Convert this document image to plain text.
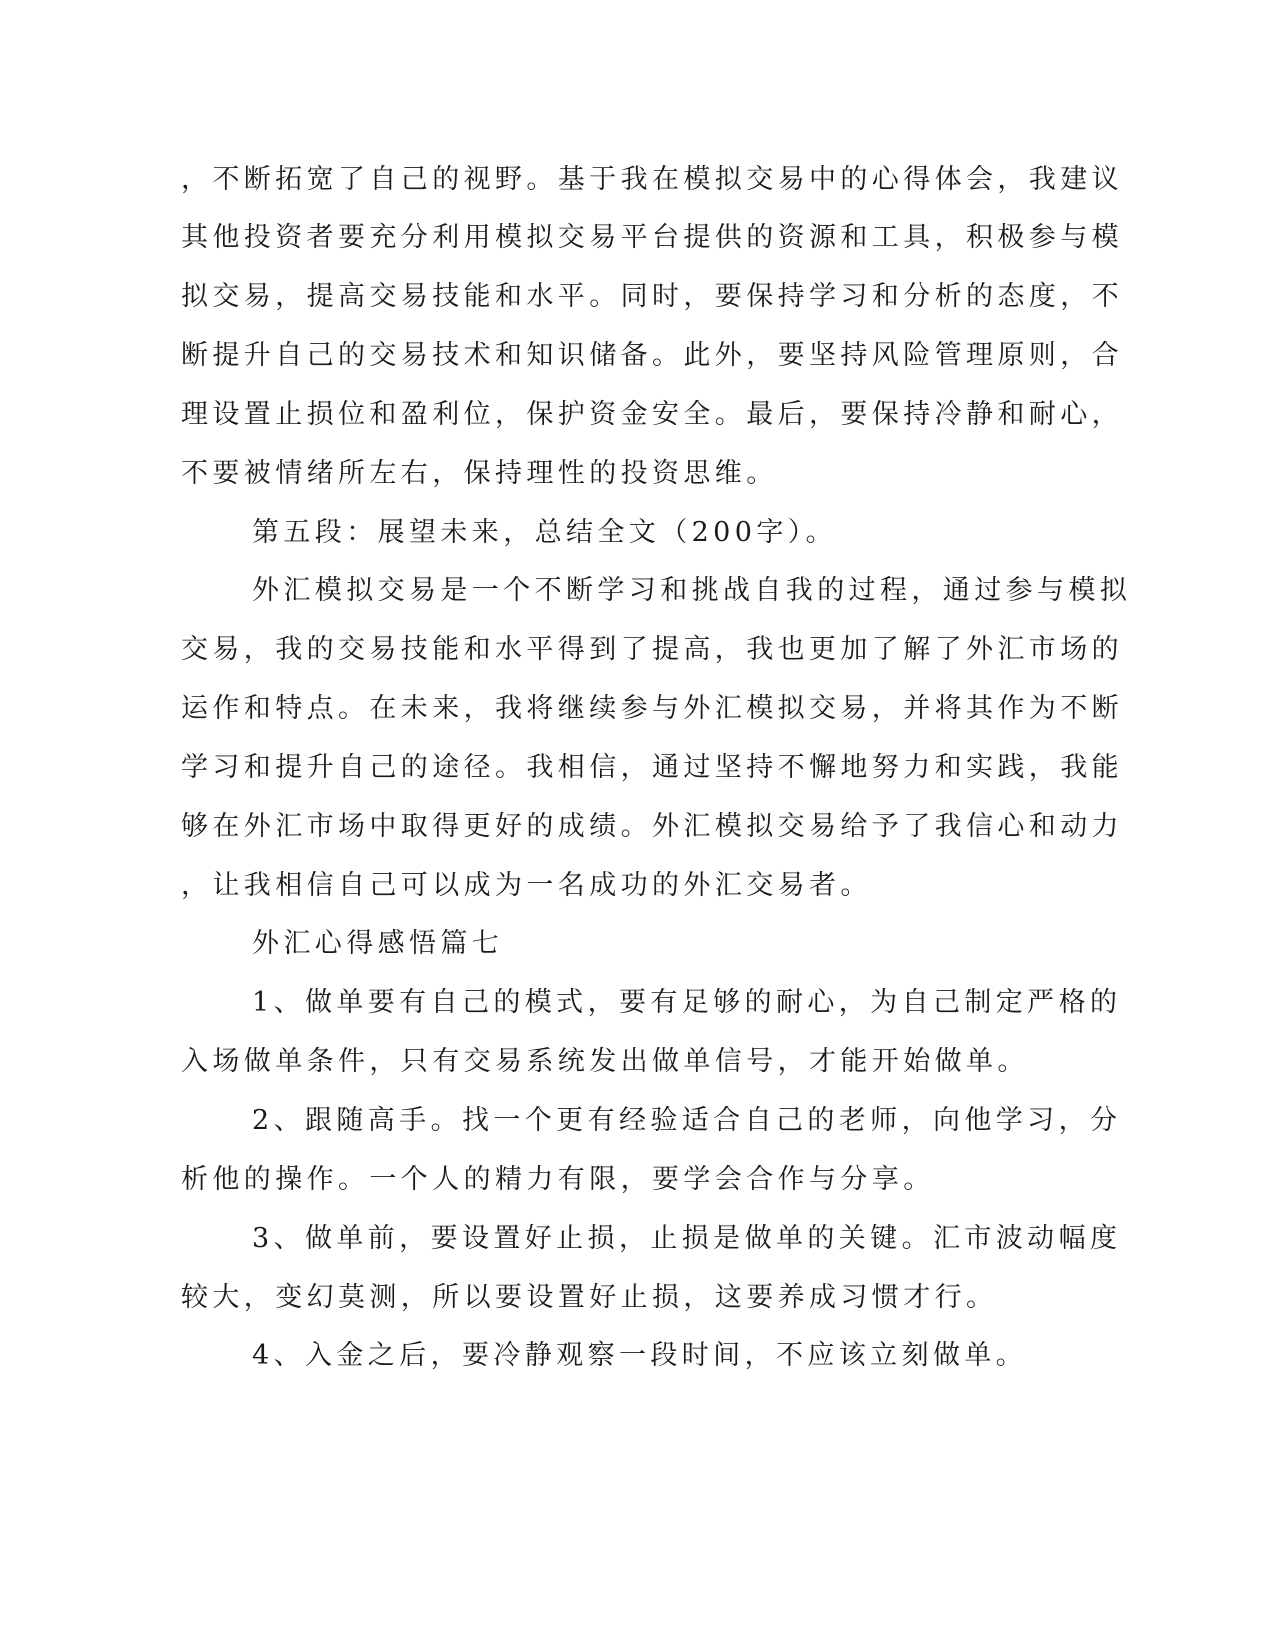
，不断拓宽了自己的视野。基于我在模拟交易中的心得体会，我建议

其他投资者要充分利用模拟交易平台提供的资源和工具，积极参与模

拟交易，提高交易技能和水平。同时，要保持学习和分析的态度，不

断提升自己的交易技术和知识储备。此外，要坚持风险管理原则，合

理设置止损位和盈利位，保护资金安全。最后，要保持冷静和耐心，

不要被情绪所左右，保持理性的投资思维。

第五段：展望未来，总结全文（200字）。

外汇模拟交易是一个不断学习和挑战自我的过程，通过参与模拟

交易，我的交易技能和水平得到了提高，我也更加了解了外汇市场的

运作和特点。在未来，我将继续参与外汇模拟交易，并将其作为不断

学习和提升自己的途径。我相信，通过坚持不懈地努力和实践，我能

够在外汇市场中取得更好的成绩。外汇模拟交易给予了我信心和动力

，让我相信自己可以成为一名成功的外汇交易者。

外汇心得感悟篇七

1、做单要有自己的模式，要有足够的耐心，为自己制定严格的

入场做单条件，只有交易系统发出做单信号，才能开始做单。

2、跟随高手。找一个更有经验适合自己的老师，向他学习，分

析他的操作。一个人的精力有限，要学会合作与分享。

3、做单前，要设置好止损，止损是做单的关键。汇市波动幅度

较大，变幻莫测，所以要设置好止损，这要养成习惯才行。

4、入金之后，要冷静观察一段时间，不应该立刻做单。
